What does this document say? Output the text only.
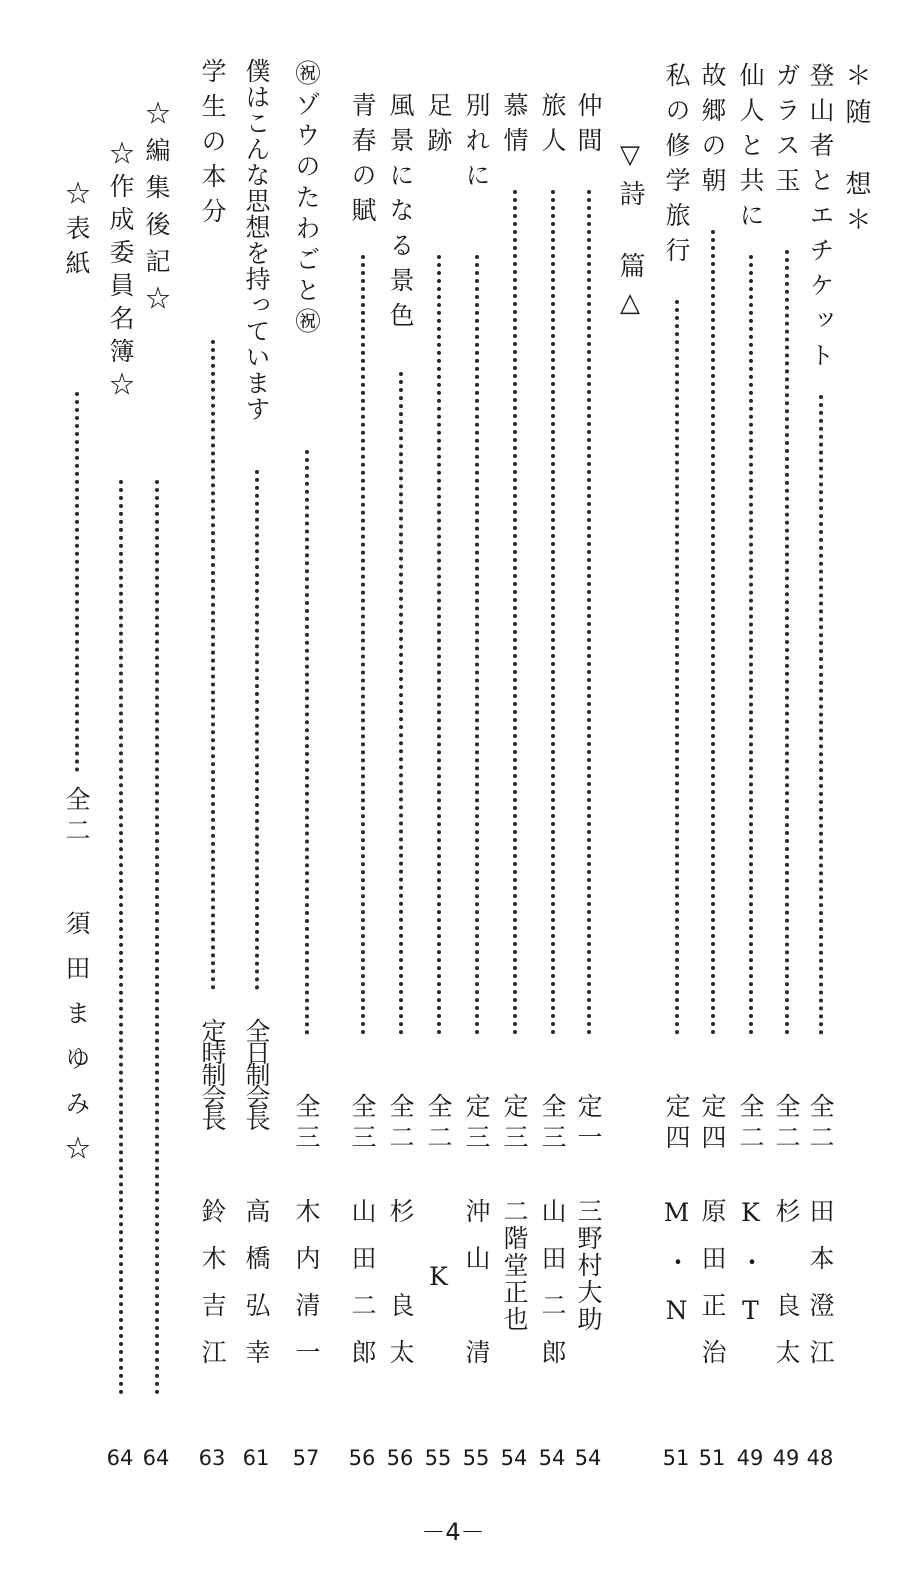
＊随　想＊
登山者とエチケット
全二
田本澄江
48
ガラス玉
全二
杉　良太
49
仙人と共に
全二
K・T
49
故郷の朝
定四
原田正治
51
私の修学旅行
定四
M・N
51
▽詩　篇△
仲間
定一
三野村大助
54
旅人
全三
山田二郎
54
慕情
定三
二階堂正也
54
別れに
定三
沖山　清
55
足跡
全二
K
55
風景になる景色
全二
杉　良太
56
青春の賦
全三
山田二郎
56
㊗ゾウのたわごと㊗
全三
木内清一
57
僕はこんな思想を持っています
全日制会長
高橋弘幸
61
学生の本分
定時制会長
鈴木吉江
63
☆編集後記☆
64
☆作成委員名簿☆
64
☆表紙
全二
須田まゆみ☆
－4－
